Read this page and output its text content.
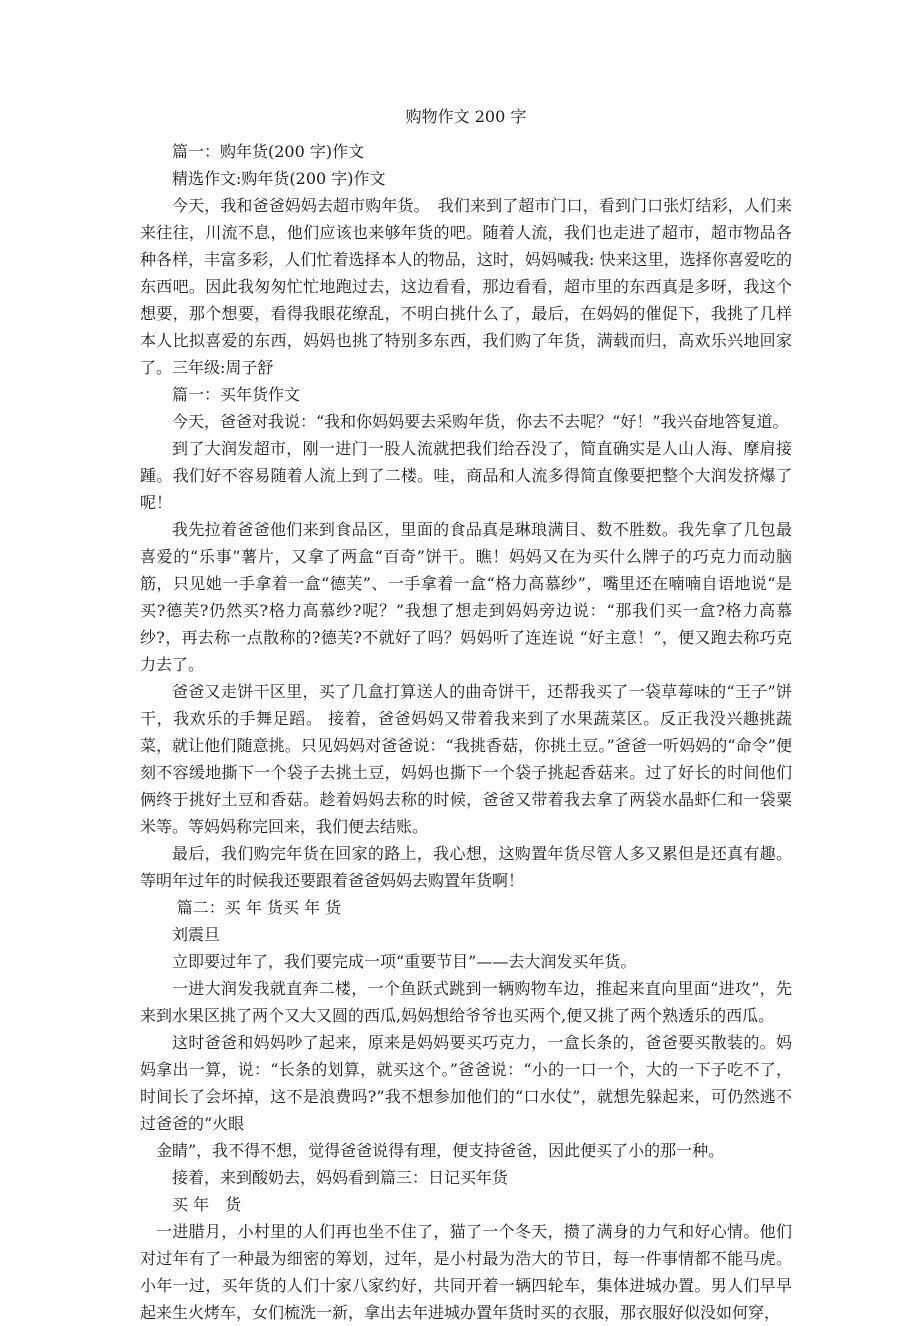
购物作文 200 字

篇一：购年货(200 字)作文

精选作文:购年货(200 字)作文

今天，我和爸爸妈妈去超市购年货。　我们来到了超市门口，看到门口张灯结彩，人们来来往往，川流不息，他们应该也来够年货的吧。随着人流，我们也走进了超市，超市物品各种各样，丰富多彩，人们忙着选择本人的物品，这时，妈妈喊我: 快来这里，选择你喜爱吃的东西吧。因此我匆匆忙忙地跑过去，这边看看，那边看看，超市里的东西真是多呀，我这个想要，那个想要，看得我眼花缭乱，不明白挑什么了，最后，在妈妈的催促下，我挑了几样本人比拟喜爱的东西，妈妈也挑了特别多东西，我们购了年货，满载而归，高欢乐兴地回家了。三年级:周子舒

篇一：买年货作文

今天，爸爸对我说：“我和你妈妈要去采购年货，你去不去呢？“好！”我兴奋地答复道。

到了大润发超市，刚一进门一股人流就把我们给吞没了，简直确实是人山人海、摩肩接踵。我们好不容易随着人流上到了二楼。哇，商品和人流多得简直像要把整个大润发挤爆了呢！

我先拉着爸爸他们来到食品区，里面的食品真是琳琅满目、数不胜数。我先拿了几包最喜爱的“乐事”薯片，又拿了两盒“百奇”饼干。瞧！妈妈又在为买什么牌子的巧克力而动脑筋，只见她一手拿着一盒“德芙”、一手拿着一盒“格力高慕纱”，嘴里还在喃喃自语地说“是买?德芙?仍然买?格力高慕纱?呢？”我想了想走到妈妈旁边说：“那我们买一盒?格力高慕纱?，再去称一点散称的?德芙?不就好了吗？妈妈听了连连说 “好主意！”，便又跑去称巧克力去了。

爸爸又走饼干区里，买了几盒打算送人的曲奇饼干，还帮我买了一袋草莓味的“王子”饼干，我欢乐的手舞足蹈。 接着，爸爸妈妈又带着我来到了水果蔬菜区。反正我没兴趣挑蔬菜，就让他们随意挑。只见妈妈对爸爸说：“我挑香菇，你挑土豆。”爸爸一听妈妈的“命令”便刻不容缓地撕下一个袋子去挑土豆，妈妈也撕下一个袋子挑起香菇来。过了好长的时间他们俩终于挑好土豆和香菇。趁着妈妈去称的时候，爸爸又带着我去拿了两袋水晶虾仁和一袋粟米等。等妈妈称完回来，我们便去结账。

最后，我们购完年货在回家的路上，我心想，这购置年货尽管人多又累但是还真有趣。等明年过年的时候我还要跟着爸爸妈妈去购置年货啊！

篇二：买 年 货买 年 货

刘震旦

立即要过年了，我们要完成一项“重要节目”——去大润发买年货。

一进大润发我就直奔二楼，一个鱼跃式跳到一辆购物车边，推起来直向里面“进攻”，先来到水果区挑了两个又大又圆的西瓜,妈妈想给爷爷也买两个,便又挑了两个熟透乐的西瓜。

这时爸爸和妈妈吵了起来，原来是妈妈要买巧克力，一盒长条的，爸爸要买散装的。妈妈拿出一算，说：“长条的划算，就买这个。”爸爸说：“小的一口一个，大的一下子吃不了，时间长了会坏掉，这不是浪费吗?”我不想参加他们的“口水仗”，就想先躲起来，可仍然逃不过爸爸的“火眼

金睛”，我不得不想，觉得爸爸说得有理，便支持爸爸，因此便买了小的那一种。

接着，来到酸奶去，妈妈看到篇三：日记买年货

买 年　货

一进腊月，小村里的人们再也坐不住了，猫了一个冬天，攒了满身的力气和好心情。他们对过年有了一种最为细密的筹划，过年，是小村最为浩大的节日，每一件事情都不能马虎。小年一过，买年货的人们十家八家约好，共同开着一辆四轮车，集体进城办置。男人们早早起来生火烤车，女们梳洗一新，拿出去年进城办置年货时买的衣服，那衣服好似没如何穿，
